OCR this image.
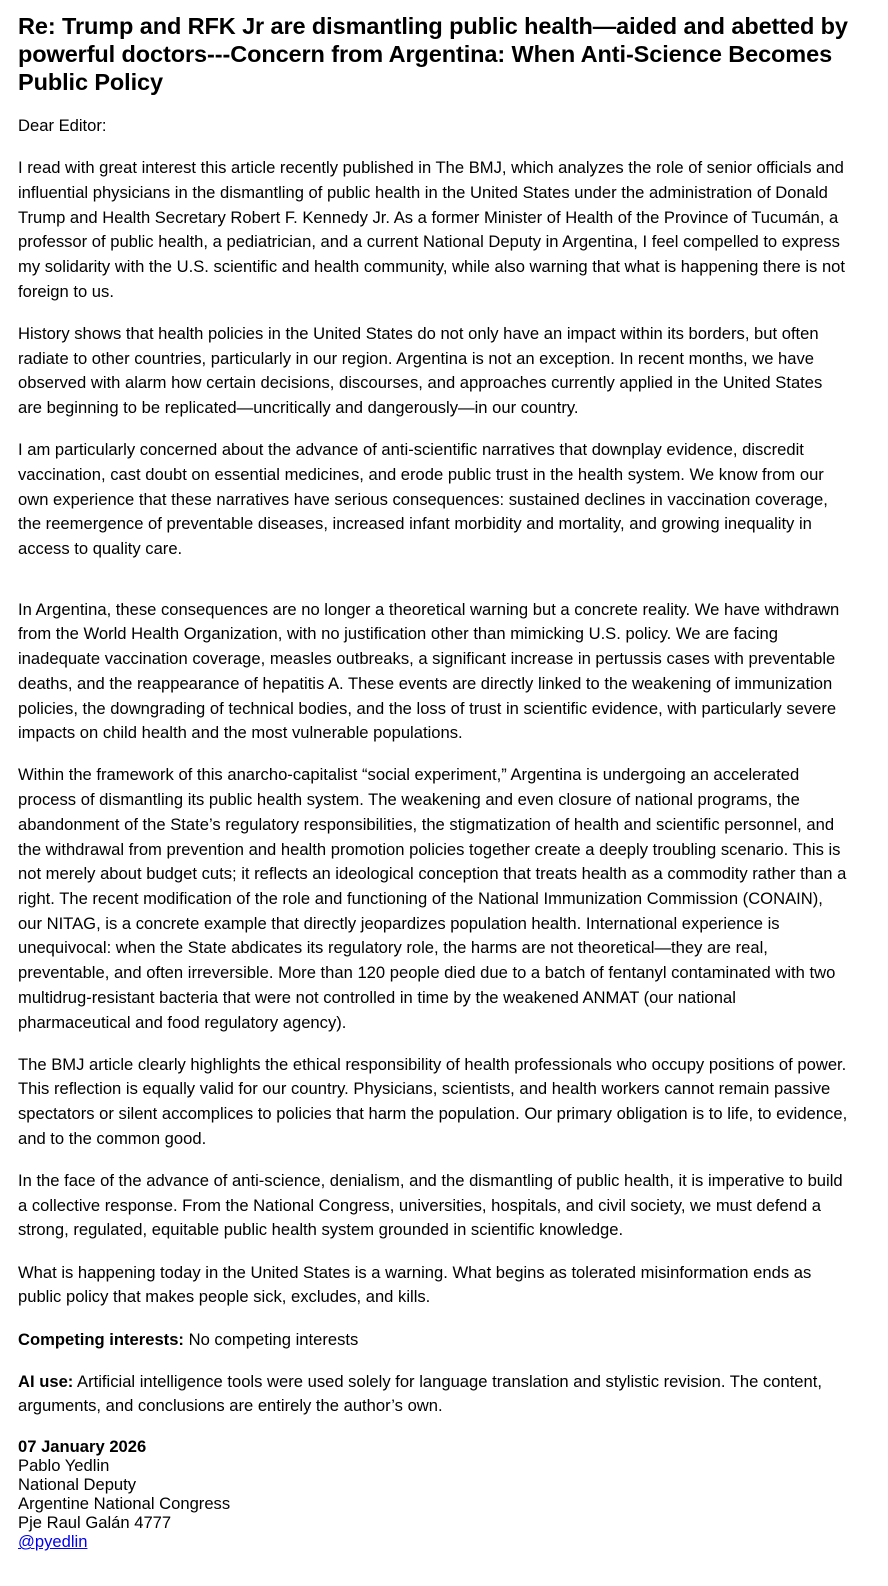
Re: Trump and RFK Jr are dismantling public health—aided and abetted by powerful doctors---Concern from Argentina: When Anti-Science Becomes Public Policy

Dear Editor:

I read with great interest this article recently published in The BMJ, which analyzes the role of senior officials and influential physicians in the dismantling of public health in the United States under the administration of Donald Trump and Health Secretary Robert F. Kennedy Jr. As a former Minister of Health of the Province of Tucumán, a professor of public health, a pediatrician, and a current National Deputy in Argentina, I feel compelled to express my solidarity with the U.S. scientific and health community, while also warning that what is happening there is not foreign to us.

History shows that health policies in the United States do not only have an impact within its borders, but often radiate to other countries, particularly in our region. Argentina is not an exception. In recent months, we have observed with alarm how certain decisions, discourses, and approaches currently applied in the United States are beginning to be replicated—uncritically and dangerously—in our country.

I am particularly concerned about the advance of anti-scientific narratives that downplay evidence, discredit vaccination, cast doubt on essential medicines, and erode public trust in the health system. We know from our own experience that these narratives have serious consequences: sustained declines in vaccination coverage, the reemergence of preventable diseases, increased infant morbidity and mortality, and growing inequality in access to quality care.

In Argentina, these consequences are no longer a theoretical warning but a concrete reality. We have withdrawn from the World Health Organization, with no justification other than mimicking U.S. policy. We are facing inadequate vaccination coverage, measles outbreaks, a significant increase in pertussis cases with preventable deaths, and the reappearance of hepatitis A. These events are directly linked to the weakening of immunization policies, the downgrading of technical bodies, and the loss of trust in scientific evidence, with particularly severe impacts on child health and the most vulnerable populations.

Within the framework of this anarcho-capitalist “social experiment,” Argentina is undergoing an accelerated process of dismantling its public health system. The weakening and even closure of national programs, the abandonment of the State’s regulatory responsibilities, the stigmatization of health and scientific personnel, and the withdrawal from prevention and health promotion policies together create a deeply troubling scenario. This is not merely about budget cuts; it reflects an ideological conception that treats health as a commodity rather than a right. The recent modification of the role and functioning of the National Immunization Commission (CONAIN), our NITAG, is a concrete example that directly jeopardizes population health. International experience is unequivocal: when the State abdicates its regulatory role, the harms are not theoretical—they are real, preventable, and often irreversible. More than 120 people died due to a batch of fentanyl contaminated with two multidrug-resistant bacteria that were not controlled in time by the weakened ANMAT (our national pharmaceutical and food regulatory agency).

The BMJ article clearly highlights the ethical responsibility of health professionals who occupy positions of power. This reflection is equally valid for our country. Physicians, scientists, and health workers cannot remain passive spectators or silent accomplices to policies that harm the population. Our primary obligation is to life, to evidence, and to the common good.

In the face of the advance of anti-science, denialism, and the dismantling of public health, it is imperative to build a collective response. From the National Congress, universities, hospitals, and civil society, we must defend a strong, regulated, equitable public health system grounded in scientific knowledge.

What is happening today in the United States is a warning. What begins as tolerated misinformation ends as public policy that makes people sick, excludes, and kills.

Competing interests: No competing interests

AI use: Artificial intelligence tools were used solely for language translation and stylistic revision. The content, arguments, and conclusions are entirely the author’s own.

07 January 2026
Pablo Yedlin
National Deputy
Argentine National Congress
Pje Raul Galán 4777
@pyedlin
